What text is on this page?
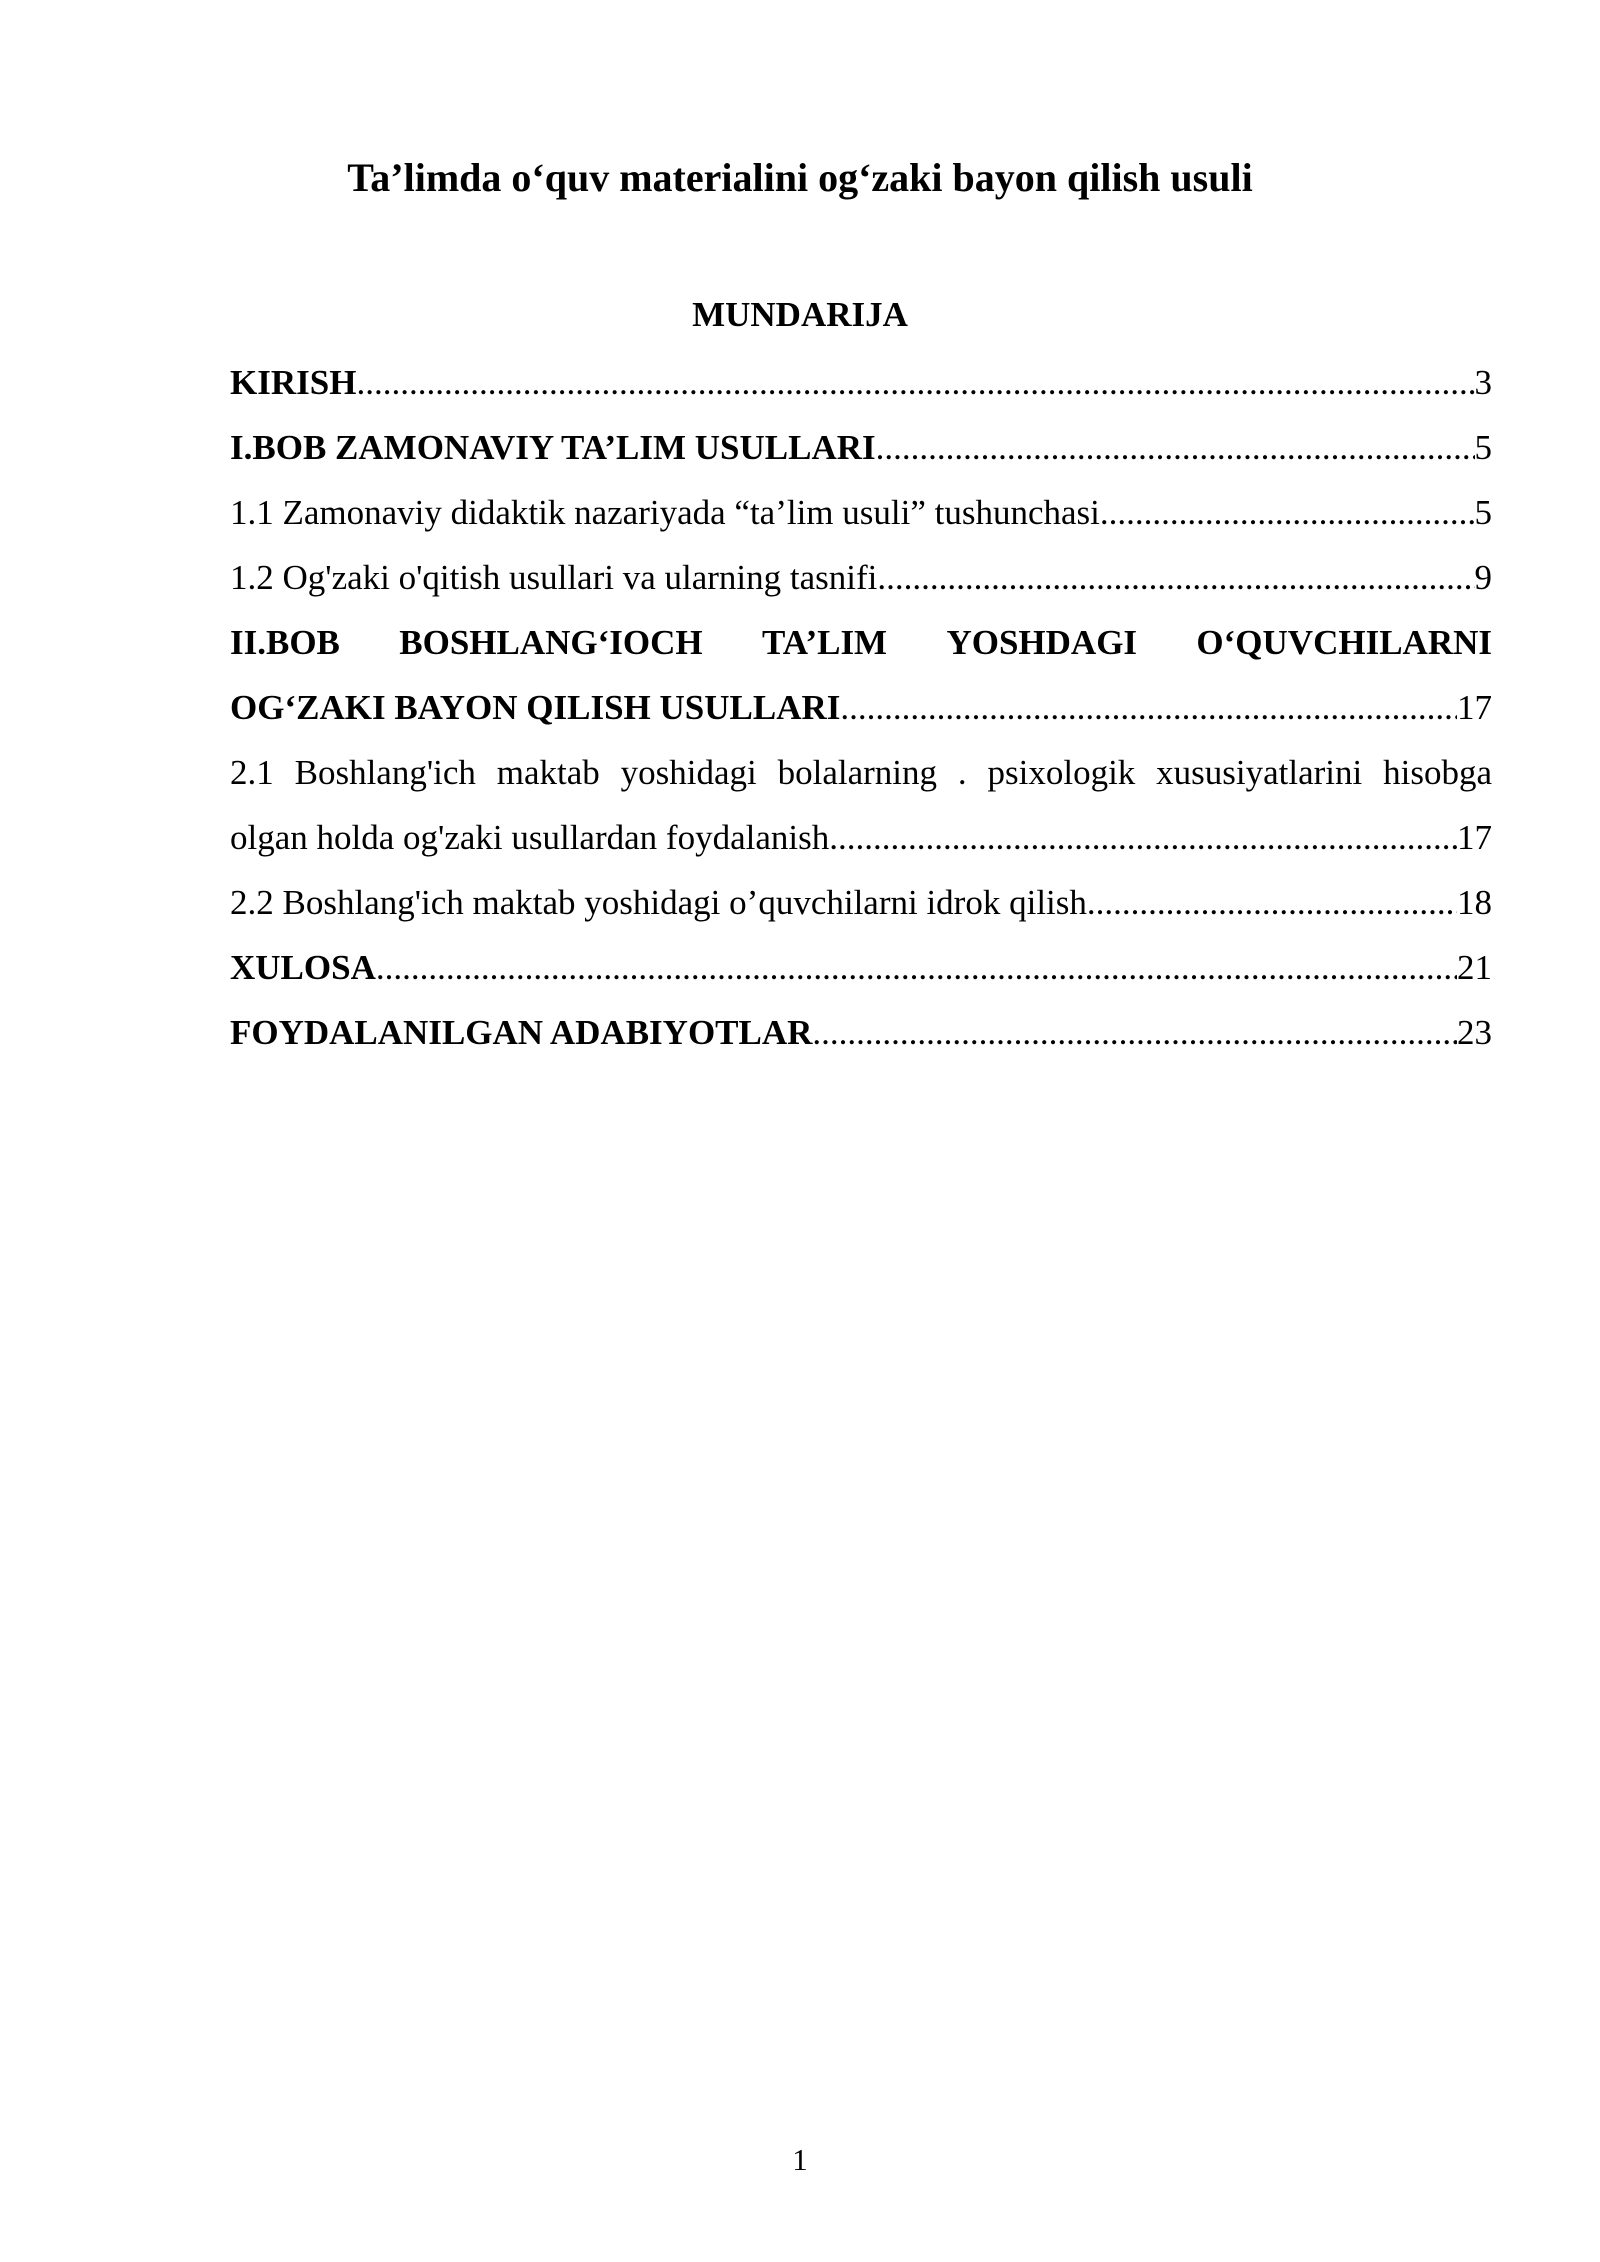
Ta’limda o‘quv materialini og‘zaki bayon qilish usuli
MUNDARIJA
KIRISH .....	3
I.BOB ZAMONAVIY TA’LIM USULLARI .....	5
1.1 Zamonaviy didaktik nazariyada “ta’lim usuli” tushunchasi .....	5
1.2 Og'zaki o'qitish usullari va ularning tasnifi .....	9
II.BOB BOSHLANG‘IOCH TA’LIM YOSHDAGI O‘QUVCHILARNI
OG‘ZAKI BAYON QILISH USULLARI .....	17
2.1 Boshlang'ich maktab yoshidagi bolalarning . psixologik xususiyatlarini hisobga
olgan holda og'zaki usullardan foydalanish .....	17
2.2 Boshlang'ich maktab yoshidagi o’quvchilarni idrok qilish .....	18
XULOSA .....	21
FOYDALANILGAN ADABIYOTLAR .....	23
1
